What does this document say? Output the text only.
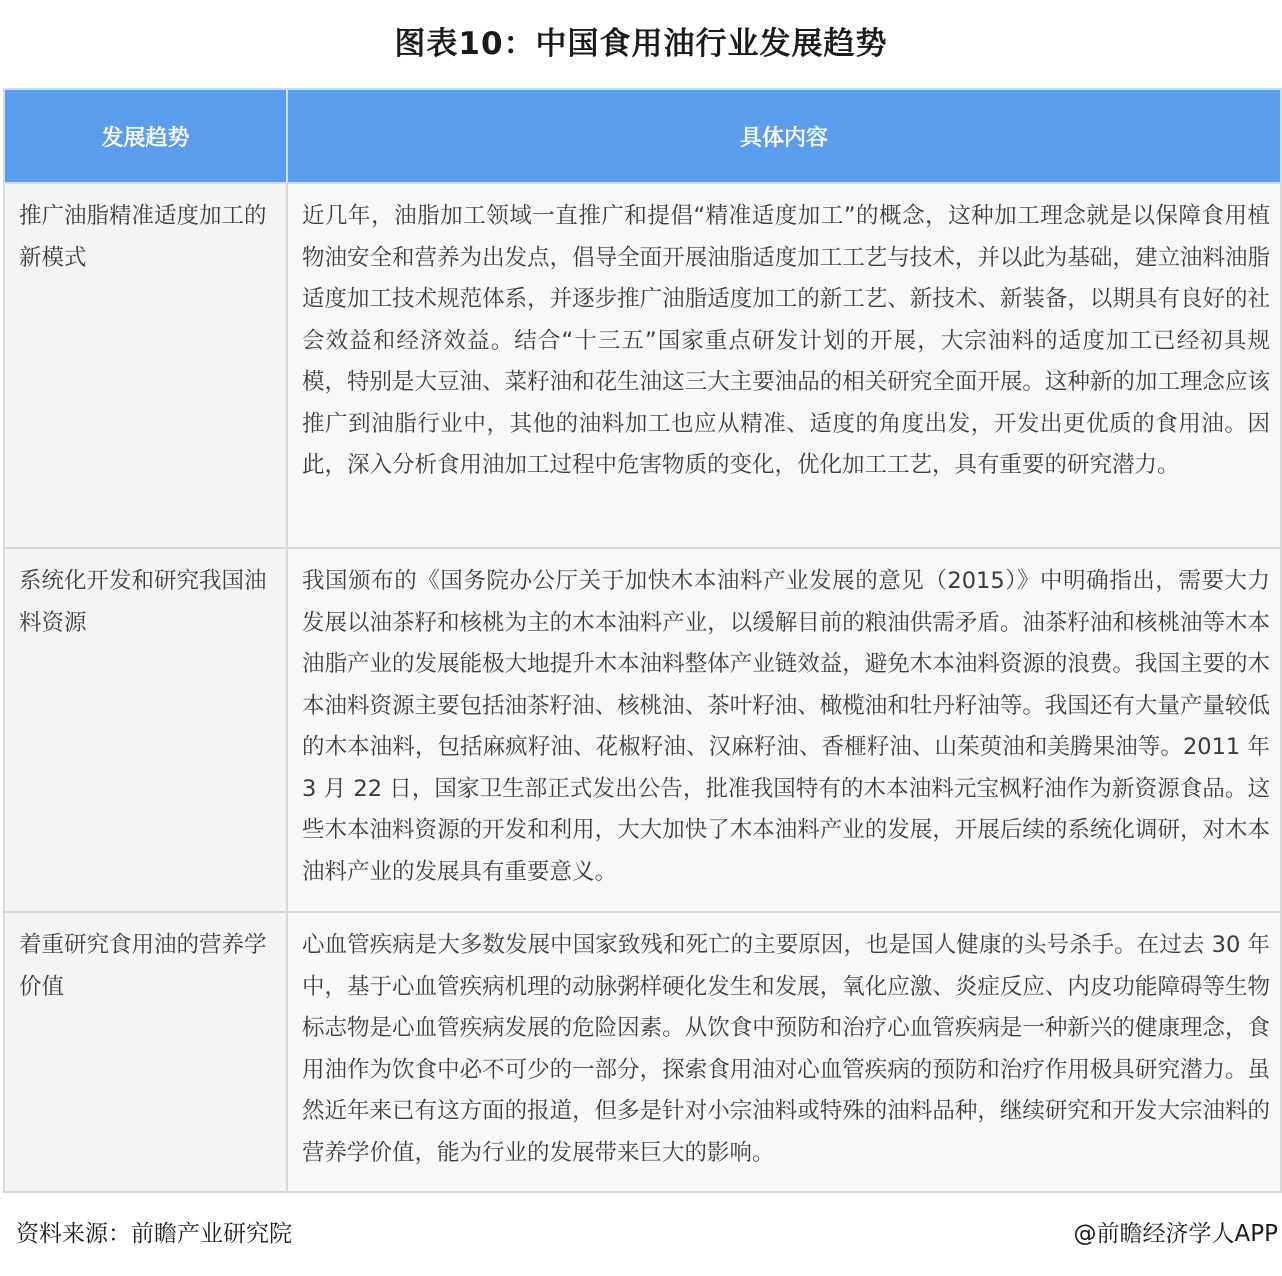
图表10：中国食用油行业发展趋势
发展趋势	具体内容
推广油脂精准适度加工的新模式	近几年，油脂加工领域一直推广和提倡“精准适度加工”的概念，这种加工理念就是以保障食用植物油安全和营养为出发点，倡导全面开展油脂适度加工工艺与技术，并以此为基础，建立油料油脂适度加工技术规范体系，并逐步推广油脂适度加工的新工艺、新技术、新装备，以期具有良好的社会效益和经济效益。结合“十三五”国家重点研发计划的开展，大宗油料的适度加工已经初具规模，特别是大豆油、菜籽油和花生油这三大主要油品的相关研究全面开展。这种新的加工理念应该推广到油脂行业中，其他的油料加工也应从精准、适度的角度出发，开发出更优质的食用油。因此，深入分析食用油加工过程中危害物质的变化，优化加工工艺，具有重要的研究潜力。
系统化开发和研究我国油料资源	我国颁布的《国务院办公厅关于加快木本油料产业发展的意见（2015）》中明确指出，需要大力发展以油茶籽和核桃为主的木本油料产业，以缓解目前的粮油供需矛盾。油茶籽油和核桃油等木本油脂产业的发展能极大地提升木本油料整体产业链效益，避免木本油料资源的浪费。我国主要的木本油料资源主要包括油茶籽油、核桃油、茶叶籽油、橄榄油和牡丹籽油等。我国还有大量产量较低的木本油料，包括麻疯籽油、花椒籽油、汉麻籽油、香榧籽油、山茱萸油和美腾果油等。2011 年 3 月 22 日，国家卫生部正式发出公告，批准我国特有的木本油料元宝枫籽油作为新资源食品。这些木本油料资源的开发和利用，大大加快了木本油料产业的发展，开展后续的系统化调研，对木本油料产业的发展具有重要意义。
着重研究食用油的营养学价值	心血管疾病是大多数发展中国家致残和死亡的主要原因，也是国人健康的头号杀手。在过去 30 年中，基于心血管疾病机理的动脉粥样硬化发生和发展，氧化应激、炎症反应、内皮功能障碍等生物标志物是心血管疾病发展的危险因素。从饮食中预防和治疗心血管疾病是一种新兴的健康理念，食用油作为饮食中必不可少的一部分，探索食用油对心血管疾病的预防和治疗作用极具研究潜力。虽然近年来已有这方面的报道，但多是针对小宗油料或特殊的油料品种，继续研究和开发大宗油料的营养学价值，能为行业的发展带来巨大的影响。
资料来源：前瞻产业研究院	@前瞻经济学人APP
